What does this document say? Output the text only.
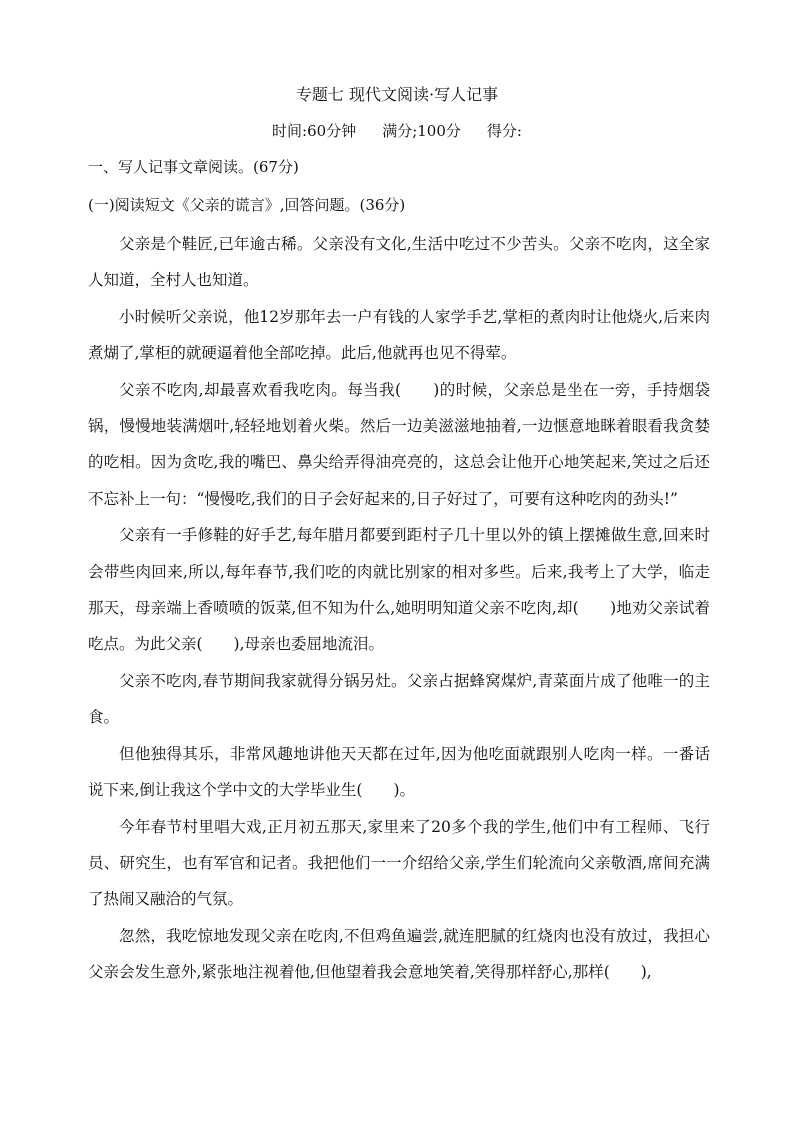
专题七 现代文阅读·写人记事
时间:60分钟 满分;100分 得分:
一、写人记事文章阅读。(67分)
(一)阅读短文《父亲的谎言》,回答问题。(36分)

父亲是个鞋匠,已年逾古稀。父亲没有文化,生活中吃过不少苦头。父亲不吃肉，这全家人知道，全村人也知道。

小时候听父亲说，他12岁那年去一户有钱的人家学手艺,掌柜的煮肉时让他烧火,后来肉煮煳了,掌柜的就硬逼着他全部吃掉。此后,他就再也见不得荤。

父亲不吃肉,却最喜欢看我吃肉。每当我(　　)的时候，父亲总是坐在一旁，手持烟袋锅，慢慢地装满烟叶,轻轻地划着火柴。然后一边美滋滋地抽着,一边惬意地眯着眼看我贪婪的吃相。因为贪吃,我的嘴巴、鼻尖给弄得油亮亮的，这总会让他开心地笑起来,笑过之后还不忘补上一句：“慢慢吃,我们的日子会好起来的,日子好过了，可要有这种吃肉的劲头!”

父亲有一手修鞋的好手艺,每年腊月都要到距村子几十里以外的镇上摆摊做生意,回来时会带些肉回来,所以,每年春节,我们吃的肉就比别家的相对多些。后来,我考上了大学，临走那天，母亲端上香喷喷的饭菜,但不知为什么,她明明知道父亲不吃肉,却(　　)地劝父亲试着吃点。为此父亲(　　),母亲也委屈地流泪。

父亲不吃肉,春节期间我家就得分锅另灶。父亲占据蜂窝煤炉,青菜面片成了他唯一的主食。

但他独得其乐，非常风趣地讲他天天都在过年,因为他吃面就跟别人吃肉一样。一番话说下来,倒让我这个学中文的大学毕业生(　　)。

今年春节村里唱大戏,正月初五那天,家里来了20多个我的学生,他们中有工程师、飞行员、研究生，也有军官和记者。我把他们一一介绍给父亲,学生们轮流向父亲敬酒,席间充满了热闹又融洽的气氛。

忽然，我吃惊地发现父亲在吃肉,不但鸡鱼遍尝,就连肥腻的红烧肉也没有放过，我担心父亲会发生意外,紧张地注视着他,但他望着我会意地笑着,笑得那样舒心,那样(　　),
